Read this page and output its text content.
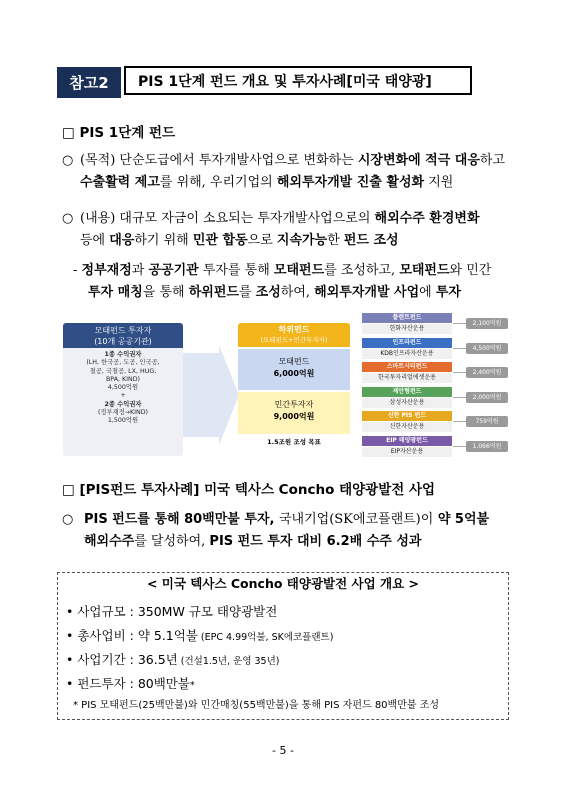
참고2	PIS 1단계 펀드 개요 및 투자사례[미국 태양광]
□ PIS 1단계 펀드
○ (목적) 단순도급에서 투자개발사업으로 변화하는 시장변화에 적극 대응하고
수출활력 제고를 위해, 우리기업의 해외투자개발 진출 활성화 지원
○ (내용) 대규모 자금이 소요되는 투자개발사업으로의 해외수주 환경변화
등에 대응하기 위해 민관 합동으로 지속가능한 펀드 조성
- 정부재정과 공공기관 투자를 통해 모태펀드를 조성하고, 모태펀드와 민간
투자 매칭을 통해 하위펀드를 조성하여, 해외투자개발 사업에 투자
모태펀드 투자자
(10개 공공기관)
1종 수익권자
(LH, 한국공, 도공, 인국공,
철공, 국철공, LX, HUG,
BPA, KIND)
4,500억원
+
2종 수익권자
(정부재정→KIND)
1,500억원
하위펀드
(모태펀드+민간투자자)
모태펀드
6,000억원
민간투자자
9,000억원
1.5조원 조성 목표
플랜트펀드
한화자산운용
2,100억원
인프라펀드
KDB인프라자산운용
4,500억원
스마트시티펀드
한국투자리얼에셋운용
2,400억원
제안형펀드
삼성자산운용
2,000억원
신한 PIS 펀드
신한자산운용
759억원
EIP 태양광펀드
EIP자산운용
1,066억원
□ [PIS펀드 투자사례] 미국 텍사스 Concho 태양광발전 사업
○ PIS 펀드를 통해 80백만불 투자, 국내기업(SK에코플랜트)이 약 5억불
해외수주를 달성하여, PIS 펀드 투자 대비 6.2배 수주 성과
< 미국 텍사스 Concho 태양광발전 사업 개요 >
• 사업규모 : 350MW 규모 태양광발전
• 총사업비 : 약 5.1억불 (EPC 4.99억불, SK에코플랜트)
• 사업기간 : 36.5년 (건설1.5년, 운영 35년)
• 펀드투자 : 80백만불*
* PIS 모태펀드(25백만불)와 민간매칭(55백만불)을 통해 PIS 자펀드 80백만불 조성
- 5 -
